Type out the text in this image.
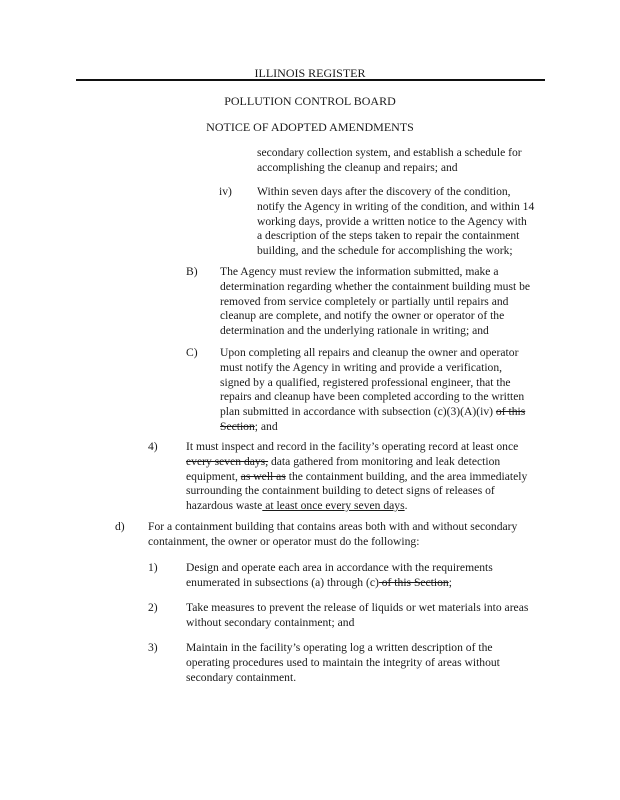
ILLINOIS REGISTER
POLLUTION CONTROL BOARD
NOTICE OF ADOPTED AMENDMENTS
secondary collection system, and establish a schedule for
accomplishing the cleanup and repairs; and
iv) Within seven days after the discovery of the condition,
notify the Agency in writing of the condition, and within 14
working days, provide a written notice to the Agency with
a description of the steps taken to repair the containment
building, and the schedule for accomplishing the work;
B) The Agency must review the information submitted, make a
determination regarding whether the containment building must be
removed from service completely or partially until repairs and
cleanup are complete, and notify the owner or operator of the
determination and the underlying rationale in writing; and
C) Upon completing all repairs and cleanup the owner and operator
must notify the Agency in writing and provide a verification,
signed by a qualified, registered professional engineer, that the
repairs and cleanup have been completed according to the written
plan submitted in accordance with subsection (c)(3)(A)(iv) of this
Section; and
4) It must inspect and record in the facility’s operating record at least once
every seven days, data gathered from monitoring and leak detection
equipment, as well as the containment building, and the area immediately
surrounding the containment building to detect signs of releases of
hazardous waste at least once every seven days.
d) For a containment building that contains areas both with and without secondary
containment, the owner or operator must do the following:
1) Design and operate each area in accordance with the requirements
enumerated in subsections (a) through (c) of this Section;
2) Take measures to prevent the release of liquids or wet materials into areas
without secondary containment; and
3) Maintain in the facility’s operating log a written description of the
operating procedures used to maintain the integrity of areas without
secondary containment.
